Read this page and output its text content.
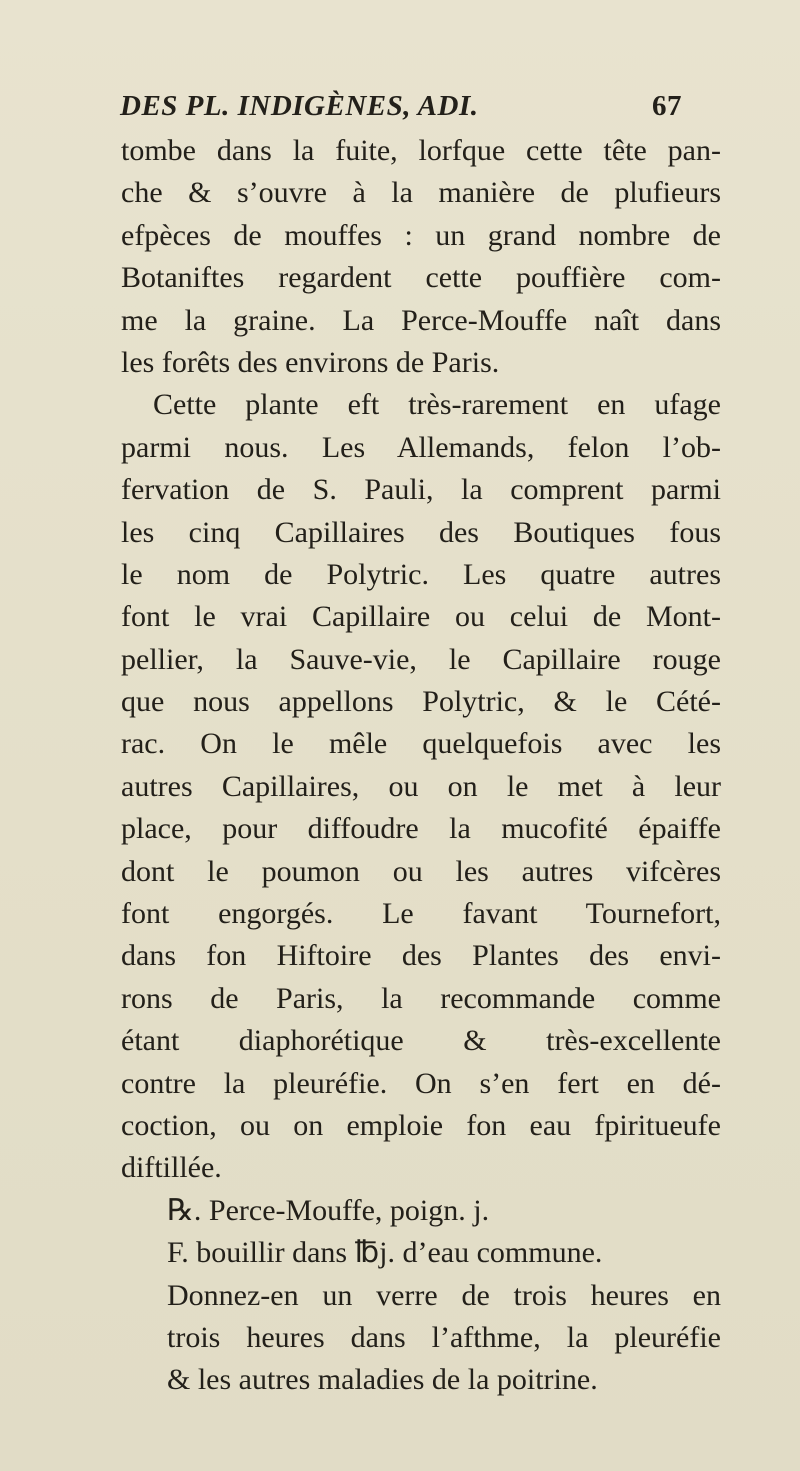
DES PL. INDIGÈNES, ADI.	67
tombe dans la fuite, lorfque cette tête pan-
che & s’ouvre à la manière de plufieurs
efpèces de mouffes : un grand nombre de
Botaniftes regardent cette pouffière com-
me la graine. La Perce-Mouffe naît dans
les forêts des environs de Paris.
Cette plante eft très-rarement en ufage
parmi nous. Les Allemands, felon l’ob-
fervation de S. Pauli, la comprent parmi
les cinq Capillaires des Boutiques fous
le nom de Polytric. Les quatre autres
font le vrai Capillaire ou celui de Mont-
pellier, la Sauve-vie, le Capillaire rouge
que nous appellons Polytric, & le Cété-
rac. On le mêle quelquefois avec les
autres Capillaires, ou on le met à leur
place, pour diffoudre la mucofité épaiffe
dont le poumon ou les autres vifcères
font engorgés. Le favant Tournefort,
dans fon Hiftoire des Plantes des envi-
rons de Paris, la recommande comme
étant diaphorétique & très-excellente
contre la pleuréfie. On s’en fert en dé-
coction, ou on emploie fon eau fpiritueufe
diftillée.
℞. Perce-Mouffe, poign. j.
F. bouillir dans ℔j. d’eau commune.
Donnez-en un verre de trois heures en
trois heures dans l’afthme, la pleuréfie
& les autres maladies de la poitrine.
